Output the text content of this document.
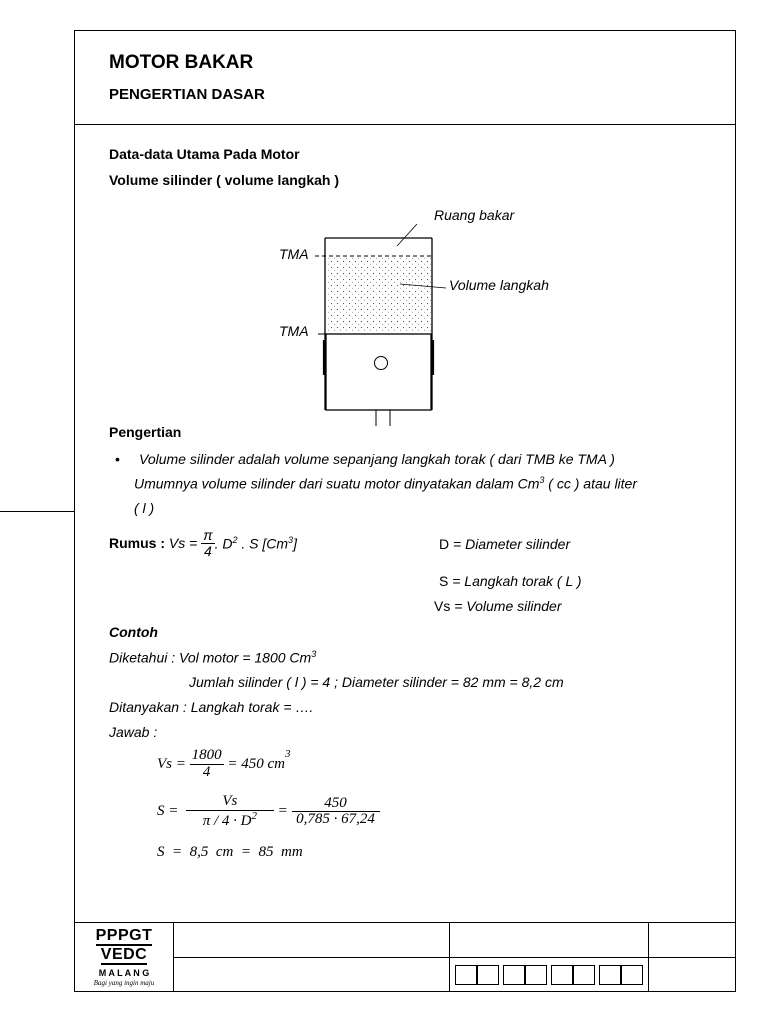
MOTOR BAKAR
PENGERTIAN DASAR
Data-data Utama Pada Motor
Volume silinder ( volume langkah )
Ruang bakar
TMA
Volume langkah
TMA
Pengertian
• Volume silinder adalah volume sepanjang langkah torak ( dari TMB ke TMA )
Umumnya volume silinder dari suatu motor dinyatakan dalam Cm$^3$ ( cc ) atau liter
( l )
Rumus :
Vs =
$\frac{\pi}{4}$ . $D^2$ . S [Cm$^3$]	D = Diameter silinder
S = Langkah torak ( L )
Vs = Volume silinder
Contoh
Diketahui : Vol motor = 1800 Cm$^3$
Jumlah silinder ( l ) = 4 ; Diameter silinder = 82 mm = 8,2 cm
Ditanyakan : Langkah torak = ….
Jawab :
Vs =
$\frac{1800}{4}$
= 450 cm
$^3$
S =
$\frac{Vs}{\pi / 4 \cdot D^2}$
=
$\frac{450}{0,785 \cdot 67,24}$
S  =  8,5  cm  =  85  mm
PPPGT VEDC
M A L A N G
Bagi yang ingin maju
